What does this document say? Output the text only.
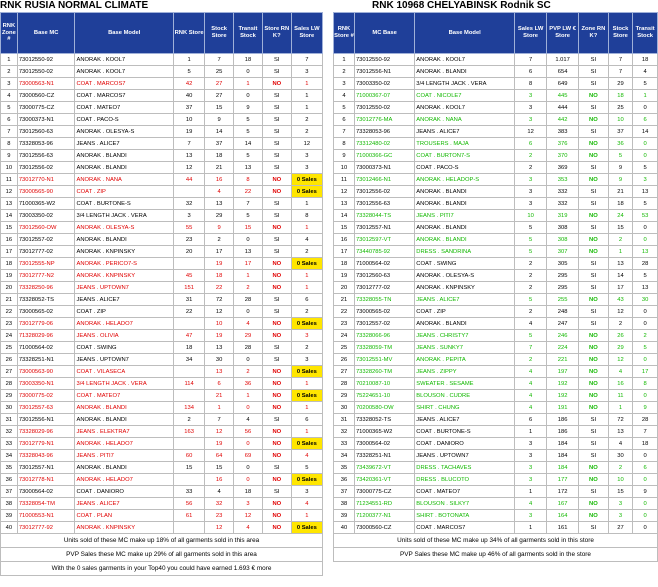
RNK RUSIA NORMAL CLIMATE	RNK 10968 CHELYABINSK Rodnik SC
RNK Zone #	Base MC	Base Model	RNK Store	Stock Store	Transit Stock	Store RN K?	Sales LW Store
1	73012550-92	ANORAK . KOOL7	1	7	18	SI	7
2	73012550-02	ANORAK . KOOL7	5	25	0	SI	3
3	73000563-N1	COAT . MARCOS7	42	27	1	NO	1
4	73000560-CZ	COAT . MARCOS7	40	27	0	SI	1
5	73000775-CZ	COAT . MATEO7	37	15	9	SI	1
6	73000373-N1	COAT . PACO-S	10	9	5	SI	2
7	73012560-63	ANORAK . OLESYA-S	19	14	5	SI	2
8	73328053-96	JEANS . ALICE7	7	37	14	SI	12
9	73012556-63	ANORAK . BLANDI	13	18	5	SI	3
10	73012556-02	ANORAK . BLANDI	12	21	13	SI	3
11	73012770-N1	ANORAK . NANA	44	16	8	NO	0 Sales
12	73000565-90	COAT . ZIP		4	22	NO	0 Sales
13	71000365-W2	COAT . BURTONE-S	32	13	7	SI	1
14	73003350-02	3/4 LENGTH JACK . VERA	3	29	5	SI	8
15	73012560-OW	ANORAK . OLESYA-S	55	9	15	NO	1
16	73012557-02	ANORAK . BLANDI	23	2	0	SI	4
17	73012777-02	ANORAK . KNPINSKY	20	17	13	SI	2
18	73012555-NP	ANORAK . PERICO7-S		19	17	NO	0 Sales
19	73012777-N2	ANORAK . KNPINSKY	45	18	1	NO	1
20	73328250-96	JEANS . UPTOWN7	151	22	2	NO	1
21	73328052-TS	JEANS . ALICE7	31	72	28	SI	6
22	73000565-02	COAT . ZIP	22	12	0	SI	2
23	73012779-06	ANORAK . HELADO7		10	4	NO	0 Sales
24	71328029-96	JEANS . OLIVIA	47	19	29	NO	3
25	71000564-02	COAT . SWING	18	13	28	SI	2
26	73328251-N1	JEANS . UPTOWN7	34	30	0	SI	3
27	73000563-90	COAT . VILASECA		13	2	NO	0 Sales
28	73003350-N1	3/4 LENGTH JACK . VERA	114	6	36	NO	1
29	73000775-02	COAT . MATEO7		21	1	NO	0 Sales
30	73012557-63	ANORAK . BLANDI	134	1	0	NO	1
31	73012556-N1	ANORAK . BLANDI	2	7	4	SI	6
32	73328029-96	JEANS . ELEKTRA7	163	12	56	NO	1
33	73012779-N1	ANORAK . HELADO7		19	0	NO	0 Sales
34	73328043-96	JEANS . PITI7	60	64	69	NO	4
35	73012557-N1	ANORAK . BLANDI	15	15	0	SI	5
36	73012778-N1	ANORAK . HELADO7		16	0	NO	0 Sales
37	73000564-02	COAT . DANIORO	33	4	18	SI	3
38	73328054-TM	JEANS . ALICE7	56	32	3	NO	4
39	71000553-N1	COAT . PLAN	61	23	12	NO	1
40	73012777-92	ANORAK . KNPINSKY		12	4	NO	0 Sales
Units sold of these MC make up 18% of all garments sold in this area							
PVP Sales these MC make up 29% of all garments sold in this area							
With the 0 sales garments in your Top40 you could have earned 1.693 € more							
RNK Store #	MC Base	Base Model	Sales LW Store	PVP LW € Store	Zone RN K?	Stock Store	Transit Stock
1	73012550-92	ANORAK . KOOL7	7	1.017	SI	7	18
2	73012556-N1	ANORAK . BLANDI	6	654	SI	7	4
3	73003350-02	3/4 LENGTH JACK . VERA	8	649	SI	29	5
4	71000367-07	COAT . NICOLE7	3	445	NO	18	1
5	73012550-02	ANORAK . KOOL7	3	444	SI	25	0
6	73012776-MA	ANORAK . NANA	3	442	NO	10	6
7	73328053-96	JEANS . ALICE7	12	383	SI	37	14
8	73312480-02	TROUSERS . MAJA	6	376	NO	36	0
9	71000366-GC	COAT . BURTON7-S	2	370	NO	5	0
10	73000373-N1	COAT . PACO-S	2	369	SI	9	5
11	73012466-N1	ANORAK . HELADOP-S	3	353	NO	9	3
12	73012556-02	ANORAK . BLANDI	3	332	SI	21	13
13	73012556-63	ANORAK . BLANDI	3	332	SI	18	5
14	73328044-TS	JEANS . PITI7	10	319	NO	24	53
15	73012557-N1	ANORAK . BLANDI	5	308	SI	15	0
16	73012597-VT	ANORAK . BLANDI	5	308	NO	2	0
17	73440785-92	DRESS . SANDRINA	5	307	NO	1	13
18	71000564-02	COAT . SWING	2	305	SI	13	28
19	73012560-63	ANORAK . OLESYA-S	2	295	SI	14	5
20	73012777-02	ANORAK . KNPINSKY	2	295	SI	17	13
21	73328055-TN	JEANS . ALICE7	5	255	NO	43	30
22	73000565-02	COAT . ZIP	2	248	SI	12	0
23	73012557-02	ANORAK . BLANDI	4	247	SI	2	0
24	73328066-96	JEANS . CHRISTY7	5	246	NO	26	2
25	73328059-TM	JEANS . SUNKY7	7	224	NO	29	5
26	73012551-MV	ANORAK . PEPITA	2	221	NO	12	0
27	73328260-TM	JEANS . ZIPPY	4	197	NO	4	17
28	70210087-10	SWEATER . SESAME	4	192	NO	16	8
29	75224651-10	BLOUSON . CUDRE	4	192	NO	11	0
30	70200580-OW	SHIRT . CHUNG	4	191	NO	1	9
31	73328052-TS	JEANS . ALICE7	6	186	SI	72	28
32	71000365-W2	COAT . BURTONE-S	1	186	SI	13	7
33	73000564-02	COAT . DANIORO	3	184	SI	4	18
34	73328251-N1	JEANS . UPTOWN7	3	184	SI	30	0
35	73439672-VT	DRESS . TACHAVES	3	184	NO	2	6
36	73420361-VT	DRESS . BLUCOTO	3	177	NO	10	0
37	73000775-CZ	COAT . MATEO7	1	172	SI	15	9
38	71234551-RD	BLOUSON . SILKY7	4	167	NO	3	0
39	71200377-N1	SHIRT . BOTONATA	3	164	NO	3	0
40	73000560-CZ	COAT . MARCOS7	1	161	SI	27	0
Units sold of these MC make up 34% of all garments sold in this store							
PVP Sales these MC make up 46% of all garments sold in the store							
